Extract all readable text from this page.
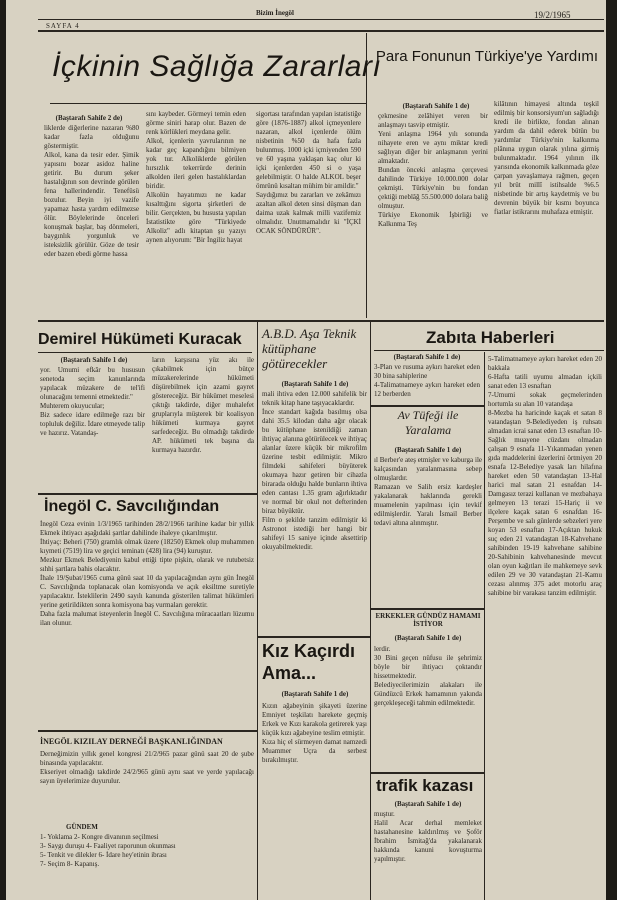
Bizim İnegöl	19/2/1965
SAYFA 4
İçkinin Sağlığa Zararları
(Baştarafı Sahife 2 de)
liklerde diğerlerine nazaran %80 kadar fazla olduğunu göstermiştir.
Alkol, kana da tesir eder. Şimik yapısını bozar asidoz haline getirir. Bu durum şeker hastalığının son devrinde görülen fena hallerindendir. Tenefüsü bozulur. Beyin iyi vazife yapamaz hasta yardım edilmezse ölür. Böylelerinde önceleri konuşmak başlar, baş dönmeleri, baygınlık yorgunluk ve isteksizlik görülür. Göze de tesir eder bazen ebedi görme hassa
sını kaybeder. Görmeyi temin eden görme siniri harap olur. Bazen de renk körlükleri meydana gelir.
Alkol, içenlerin yavrularının ne kadar geç kapandığını bilmiyen yok tur. Alkoliklerde görülen hırsızlık tekerrürde derinin alkolden ileri gelen hastalıklardan biridir.
Alkolün hayatımızı ne kadar kısalttığını sigorta şirketleri de bilir. Gerçekten, bu hususta yapılan İstatistikte göre "Türkiyede Alkoliz" adlı kitaptan şu yazıyı aynen alıyorum: "Bir İngiliz hayat
sigortası tarafından yapılan istatistiğe göre (1876-1887) alkol içmeyenlere nazaran, alkol içenlerde ölüm nisbetinin %50 da hafa fazla bulunmuş. 1000 içki içmiyenden 590 ve 60 yaşına yaklaşan kaç olur ki içki içenlerden 450 si o yaşa gelebilmiştir. O halde ALKOL beşer ömrünü kısaltan mühim bir amildir."
Saydığımız bu zararları ve zekâmızı azaltan alkol deten sinsi düşman dan daima uzak kalmak milli vazifemiz olmalıdır. Unutmamalıdır ki "İÇKİ OCAK SÖNDÜRÜR".
Para Fonunun Türkiye'ye Yardımı
(Baştarafı Sahife 1 de)
çekmesine zelâhiyet veren bir anlaşmayı tasvip etmiştir.
Yeni anlaşma 1964 yılı sonunda nihayete eren ve aynı miktar kredi sağlıyan diğer bir anlaşmanın yerini almaktadır.
Bundan önceki anlaşma çerçevesi dahilinde Türkiye 10.000.000 dolar çekmişti. Türkiye'nin bu fondan çektiği meblâğ 55.500.000 dolara baliğ olmuştur.
Türkiye Ekonomik İşbirliği ve Kalkınma Teş
kilâtının himayesi altında teşkil edilmiş bir konsorsiyum'un sağladığı kredi ile birlikte, fondan alınan yardım da dahil ederek bütün bu yardımlar Türkiye'nin kalkınma plânına uygun olarak yılına girmiş bulunmaktadır. 1964 yılının ilk yarısında ekonomik kalkınmada göze çarpan yavaşlamaya rağmen, geçen yıl brüt millî istihsalde %6.5 nisbetinde bir artış kaydetmiş ve bu devrenin büyük bir kısmı boyunca fiatlar istikrarını muhafaza etmiştir.
Demirel Hükümeti Kuracak
(Baştarafı Sahife 1 de)
yor. Umumi efkâr bu hususun senetoda seçim kanunlarında yapılacak müzakere de tel'ifi olunacağını temenni etmektedir."
Muhterem okuyucular;
Biz sadece idare edilmeğe razı bir topluluk değiliz. İdare etmeyede talip ve hazırız. Vatandaş-
ların karşısına yüz akı ile çıkabilmek için bütçe müzakerelerinde hükümeti düşürebilmek için azami gayret göstereceğiz. Bir hükümet meselesi çıktığı takdirde, diğer muhalefet gruplarıyla müşterek bir koalisyon hükümeti kurmaya gayret sarfedeceğiz. Bu olmadığı takdirde AP. hükümeti tek başına da kurmaya hazırdır.
İnegöl C. Savcılığından
İnegöl Ceza evinin 1/3/1965 tarihinden 28/2/1966 tarihine kadar bir yıllık Ekmek ihtiyacı aşağıdaki şartlar dahilinde ihaleye çıkarılmıştır.
İhtiyaç: Beheri (750) gramlık olmak üzere (18250) Ekmek olup muhammen kıymeti (7519) lira ve geçici teminatı (428) lira (94) kuruştur.
Mezkur Ekmek Belediyenin kabul ettiği tipte pişkin, olarak ve rutubetsiz sıhhi şartlara bahis olacaktır.
İhale 19/Şubat/1965 cuma günü saat 10 da yapılacağından aynı gün İnegöl C. Savcılığında toplanacak olan komisyonda ve açık eksiltme suretiyle yapılacaktır. İsteklilerin 2490 sayılı kanunda gösterilen talimat hükümleri yerine getirildikten sonra komisyona baş vurmaları gerektir.
Daha fazla malumat isteyenlerin İnegöl C. Savcılığına müracaatları lüzumu ilan olunur.
İNEGÖL KIZILAY DERNEĞİ BAŞKANLIĞINDAN
Derneğimizin yıllık genel kongresi 21/2/965 pazar günü saat 20 de şube binasında yapılacaktır.
Ekseriyet olmadığı takdirde 24/2/965 günü aynı saat ve yerde yapılacağı sayın üyelerimize duyurulur.
GÜNDEM
1- Yoklama 2- Kongre divanının seçilmesi
3- Saygı duruşu 4- Faaliyet raporunun okunması
5- Tenkit ve dilekler 6- İdare hey'etinin ibrası
7- Seçim 8- Kapanış.
A.B.D. Aşa Teknik kütüphane götürecekler
(Baştarafı Sahife 1 de)
mali ihtiva eden 12.000 sahifelik bir teknik kitap hane taşıyacaklardır.
İnce standart kağıda basılmış olsa dahi 35.5 kilodan daha ağır olacak bu kütüphane istenildiği zaman ihtiyaç alanına götürülecek ve ihtiyaç alanlar üzere küçük bir mikrofilm üzerine tesbit edilmiştir. Mikro filmdeki sahifeleri büyüterek okumaya hazır getiren bir cihazla birarada olduğu halde bunların ihtiva eden cantası 1.35 gram ağırlıktadır ve normal bir okul not defterinden biraz büyüktür.
Film o şekilde tanzim edilmiştir ki Astronot istediği her hangi bir sahifeyi 15 saniye içinde aksettirip okuyabilmektedir.
Kız Kaçırdı Ama...
(Baştarafı Sahife 1 de)
Kızın ağabeyinin şikayeti üzerine Emniyet teşkilatı harekete geçmiş Erkek ve Kızı karakola getirerek yaşı küçük kızı ağabeyine teslim etmiştir.
Kıza hiç el sürmeyen damat namzedi Muammer Uçra da serbest bırakılmıştır.
Zabıta Haberleri
(Baştarafı Sahife 1 de)
3-Plan ve rusuma aykırı hareket eden 30 bina sahiplerine
4-Talimatnameye aykırı hareket eden 12 berberden
5-Talimatnameye aykırı hareket eden 20 bakkala
6-Hafta tatili uyumu almadan içkili sanat eden 13 esnaftan
7-Umumi sokak geçmelerinden hortumla su alan 10 vatandaşa
8-Mezba ha haricinde kaçak et satan 8 vatandaştan 9-Belediyeden iş ruhsatı almadan icrai sanat eden 13 esnaftan 10-Sağlık muayene cüzdanı olmadan çalışan 9 esnafa 11-Yıkanmadan yenen gıda maddelerini üzerlerini örtmiyen 20 esnafa 12-Belediye yasak ları hilafına hareket eden 50 vatandaştan 13-Hal harici mal satan 21 esnafdan 14-Damgasız terazi kullanan ve mezbahaya gelmeyen 13 terazi 15-Hariç ii ve ilçelere kaçak satan 6 esnafdan 16-Perşembe ve salı günlerde sebzeleri yere koyan 53 esnaftan 17-Açıktan hukuk suç eden 21 vatandaştan 18-Kahvehane sahibinden 19-19 kahvehane sahibine 20-Sahibinin kahvehanesinde mevcut olan oyun kağıtları ile mahkemeye sevk edilen 29 ve 30 vatandaştan 21-Kamu cezası alınmış 375 adet motorlu araç sahibine bir varakası tanzim edilmiştir.
Av Tüfeği ile Yaralama
(Baştarafı Sahife 1 de)
ıl Berber'e ateş etmişler ve kaburga ile kalçasından yaralanmasına sebep olmuşlardır.
Ramazan ve Salih ersiz kardeşler yakalanarak haklarında gerekli muamelenin yapılması için tevkif edilmişlerdir. Yaralı İsmail Berber tedavi altına alınmıştır.
ERKEKLER GÜNDÜZ HAMAMI İSTİYOR
(Baştarafı Sahife 1 de)
lerdir.
30 Bini geçen nüfusu ile şehrimiz böyle bir ihtiyacı çoktandır hissetmektedir.
Belediyecilerimizin alakaları ile Gündüzcü Erkek hamamının yakında gerçekleşeceği tahmin edilmektedir.
trafik kazası
(Baştarafı Sahife 1 de)
muştur.
Halil Acar derhal memleket hastahanesine kaldırılmış ve Şoför İbrahim İsmitağ'da yakalanarak hakkında kanuni kovuşturma yapılmıştır.
